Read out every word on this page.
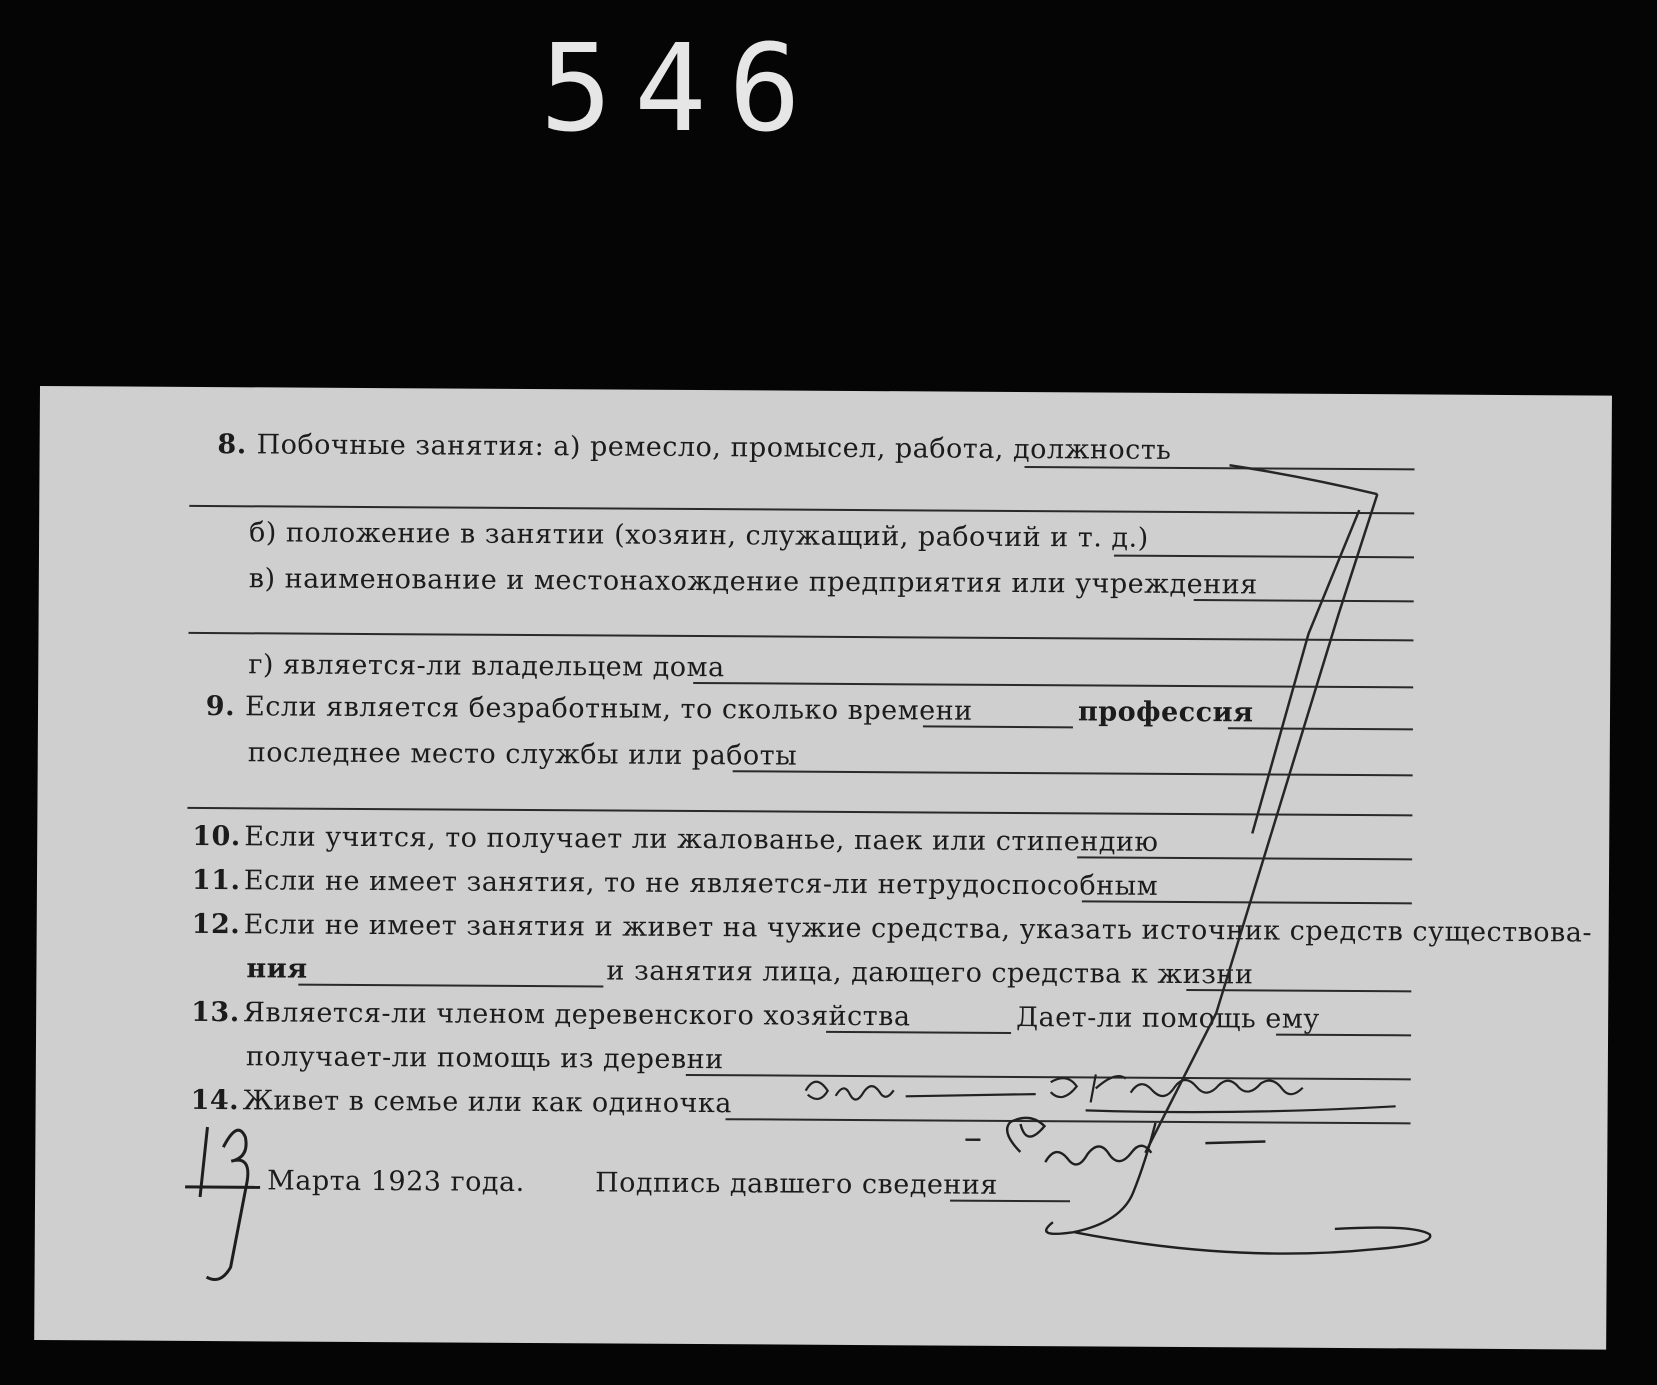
546
8. Побочные занятия: а) ремесло, промысел, работа, должность
б) положение в занятии (хозяин, служащий, рабочий и т. д.)
в) наименование и местонахождение предприятия или учреждения
г) является-ли владельцем дома
9. Если является безработным, то сколько времени	профессия
последнее место службы или работы
10. Если учится, то получает ли жалованье, паек или стипендию
11. Если не имеет занятия, то не является-ли нетрудоспособным
12. Если не имеет занятия и живет на чужие средства, указать источник средств существова-
ния	и занятия лица, дающего средства к жизни
13. Является-ли членом деревенского хозяйства	Дает-ли помощь ему
получает-ли помощь из деревни
14. Живет в семье или как одиночка
Марта 1923 года.	Подпись давшего сведения
